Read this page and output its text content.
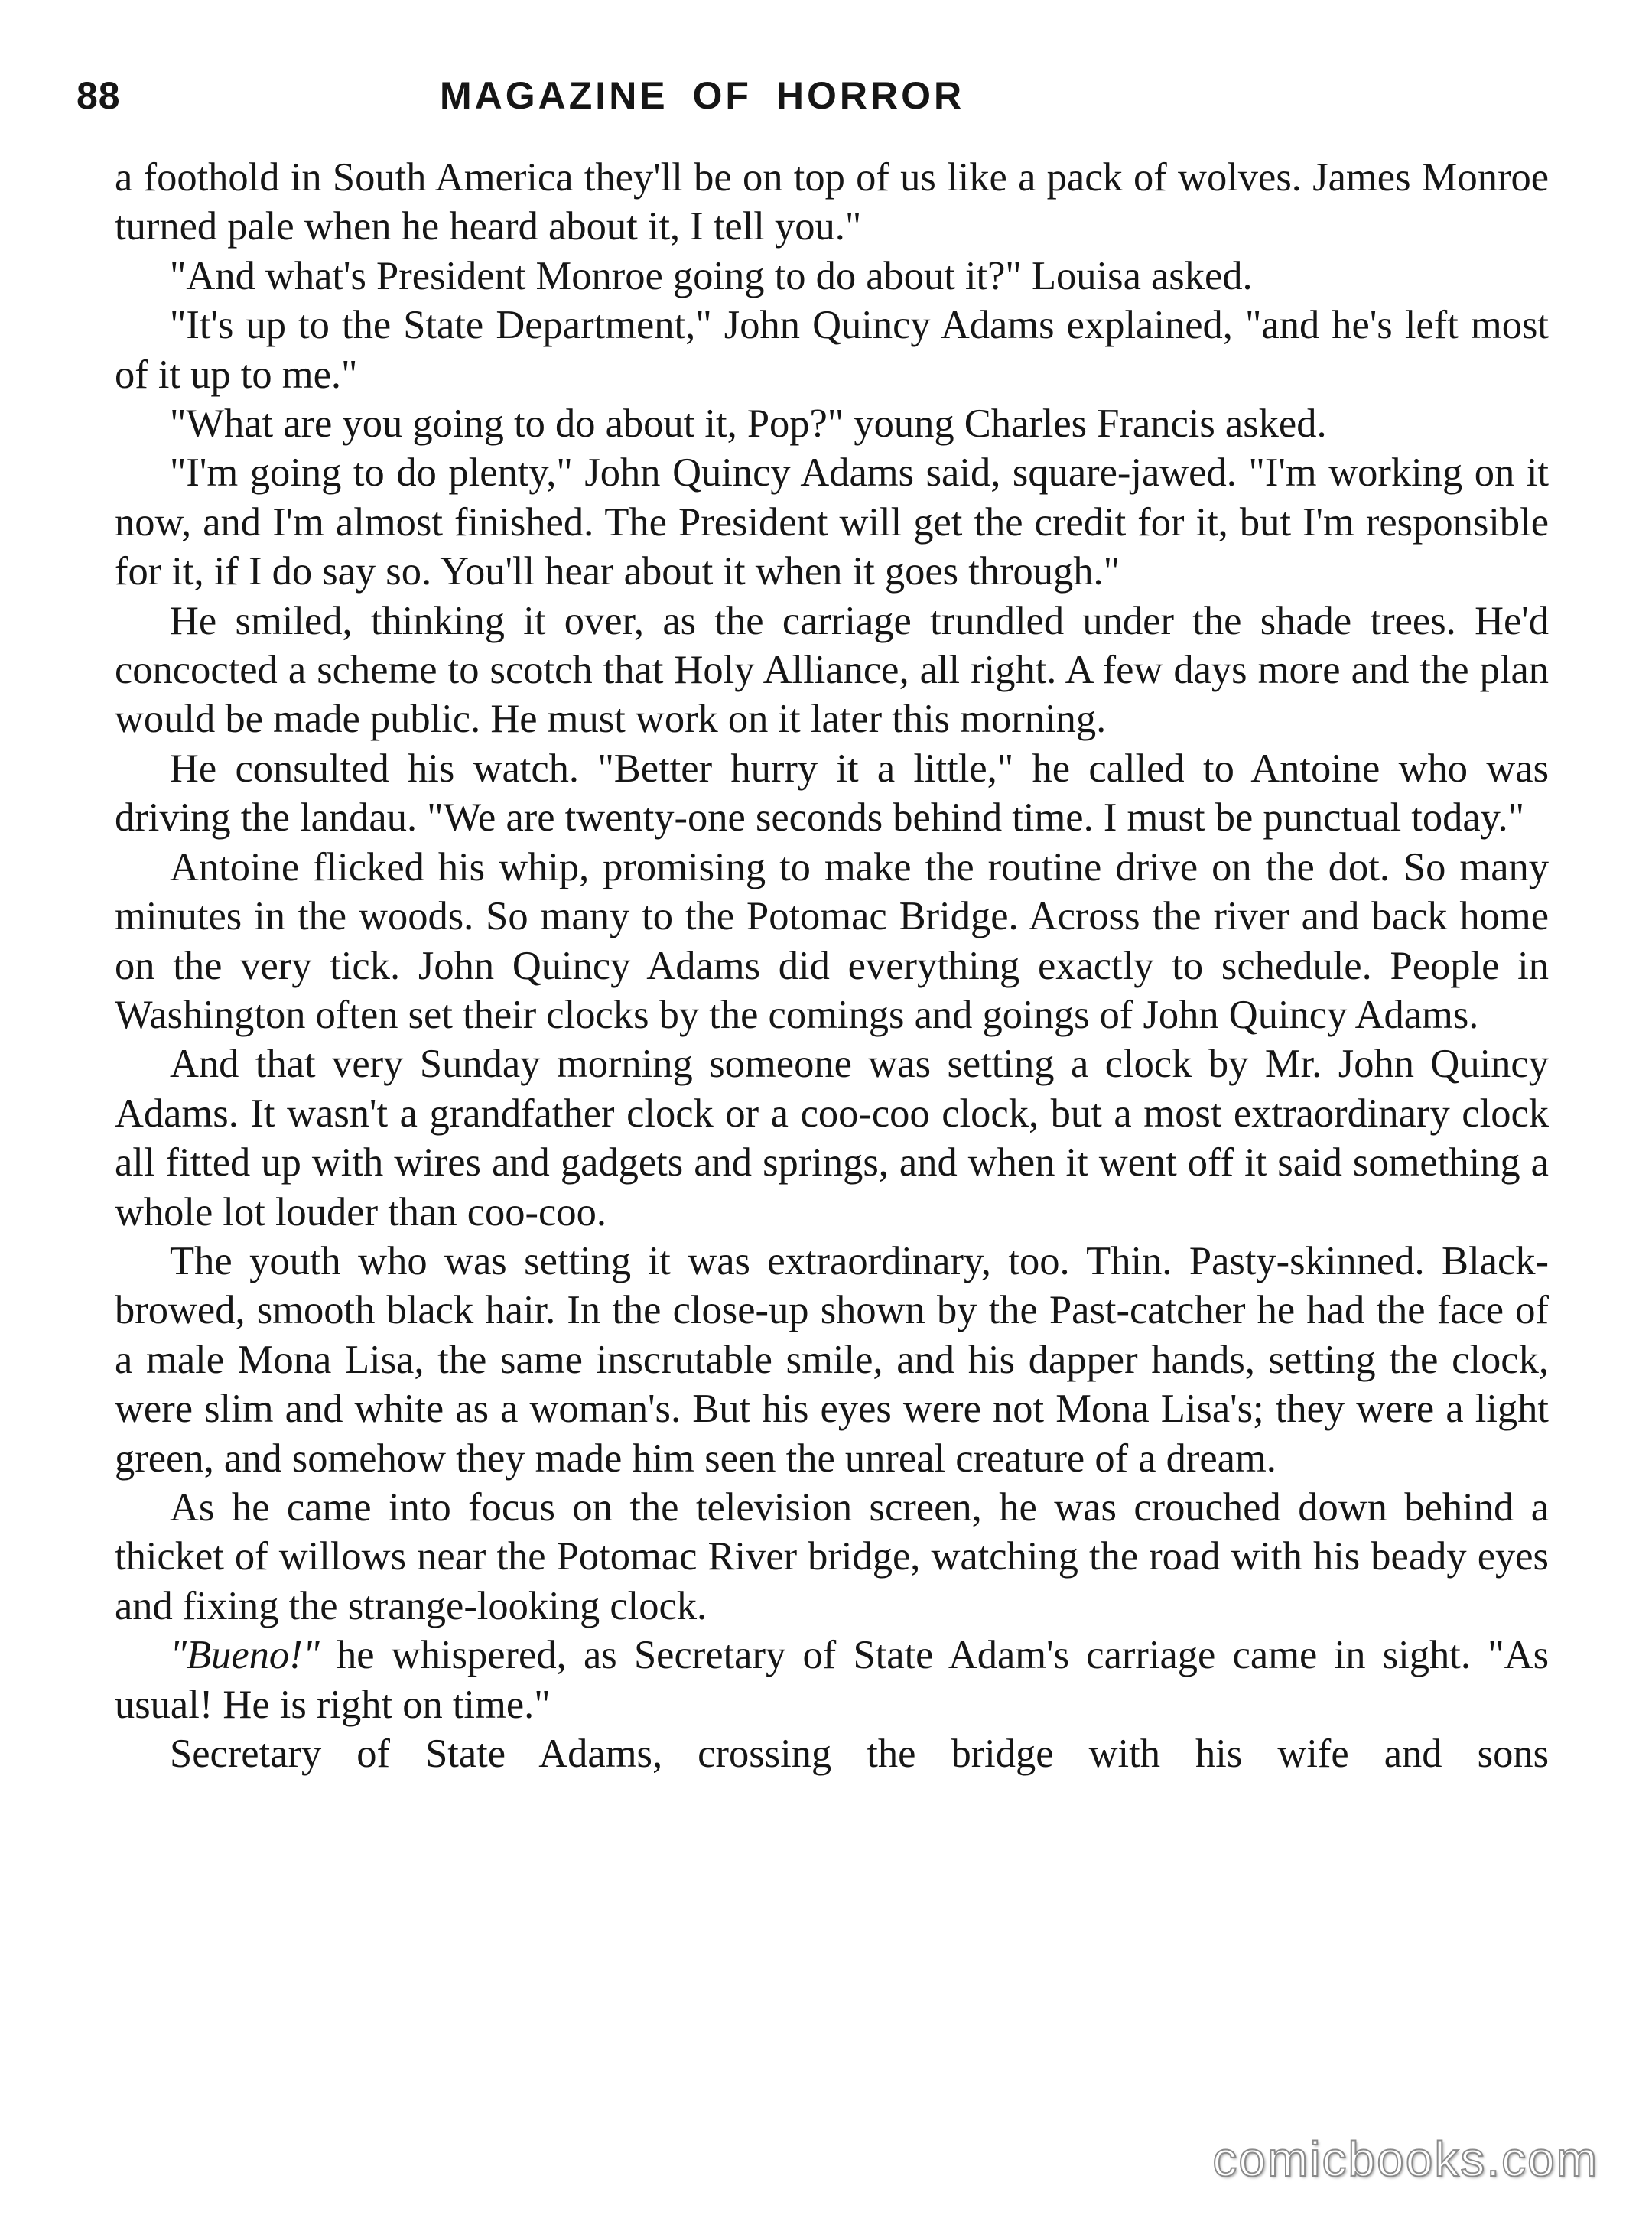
88	MAGAZINE OF HORROR

a foothold in South America they'll be on top of us like a pack of wolves. James Monroe turned pale when he heard about it, I tell you."

"And what's President Monroe going to do about it?" Louisa asked.

"It's up to the State Department," John Quincy Adams explained, "and he's left most of it up to me."

"What are you going to do about it, Pop?" young Charles Francis asked.

"I'm going to do plenty," John Quincy Adams said, square-jawed. "I'm working on it now, and I'm almost finished. The President will get the credit for it, but I'm responsible for it, if I do say so. You'll hear about it when it goes through."

He smiled, thinking it over, as the carriage trundled under the shade trees. He'd concocted a scheme to scotch that Holy Alliance, all right. A few days more and the plan would be made public. He must work on it later this morning.

He consulted his watch. "Better hurry it a little," he called to Antoine who was driving the landau. "We are twenty-one seconds behind time. I must be punctual today."

Antoine flicked his whip, promising to make the routine drive on the dot. So many minutes in the woods. So many to the Potomac Bridge. Across the river and back home on the very tick. John Quincy Adams did everything exactly to schedule. People in Washington often set their clocks by the comings and goings of John Quincy Adams.

And that very Sunday morning someone was setting a clock by Mr. John Quincy Adams. It wasn't a grandfather clock or a coo-coo clock, but a most extraordinary clock all fitted up with wires and gadgets and springs, and when it went off it said something a whole lot louder than coo-coo.

The youth who was setting it was extraordinary, too. Thin. Pasty-skinned. Black-browed, smooth black hair. In the close-up shown by the Past-catcher he had the face of a male Mona Lisa, the same inscrutable smile, and his dapper hands, setting the clock, were slim and white as a woman's. But his eyes were not Mona Lisa's; they were a light green, and somehow they made him seen the unreal creature of a dream.

As he came into focus on the television screen, he was crouched down behind a thicket of willows near the Potomac River bridge, watching the road with his beady eyes and fixing the strange-looking clock.

"Bueno!" he whispered, as Secretary of State Adam's carriage came in sight. "As usual! He is right on time."

Secretary of State Adams, crossing the bridge with his wife and sons

comicbooks.com
